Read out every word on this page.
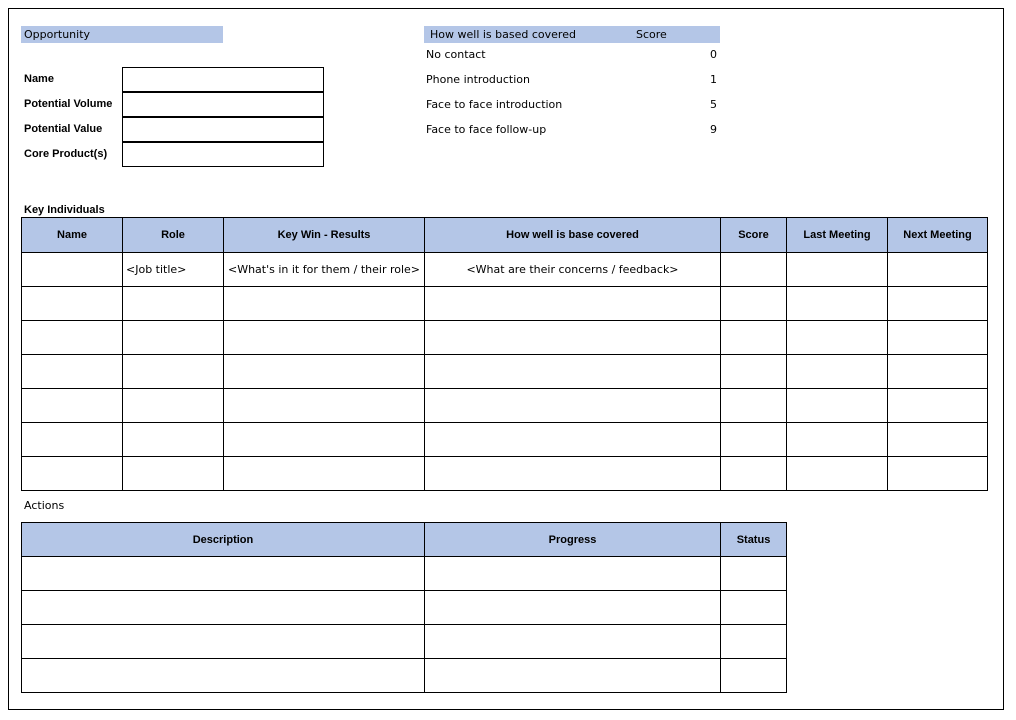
Opportunity
Name
Potential Volume
Potential Value
Core Product(s)
How well is based covered	Score
No contact	0
Phone introduction	1
Face to face introduction	5
Face to face follow-up	9
Key Individuals
Name	Role	Key Win - Results	How well is base covered	Score	Last Meeting	Next Meeting
	<Job title>	<What's in it for them / their role>	<What are their concerns / feedback>			

Actions
Description	Progress	Status
